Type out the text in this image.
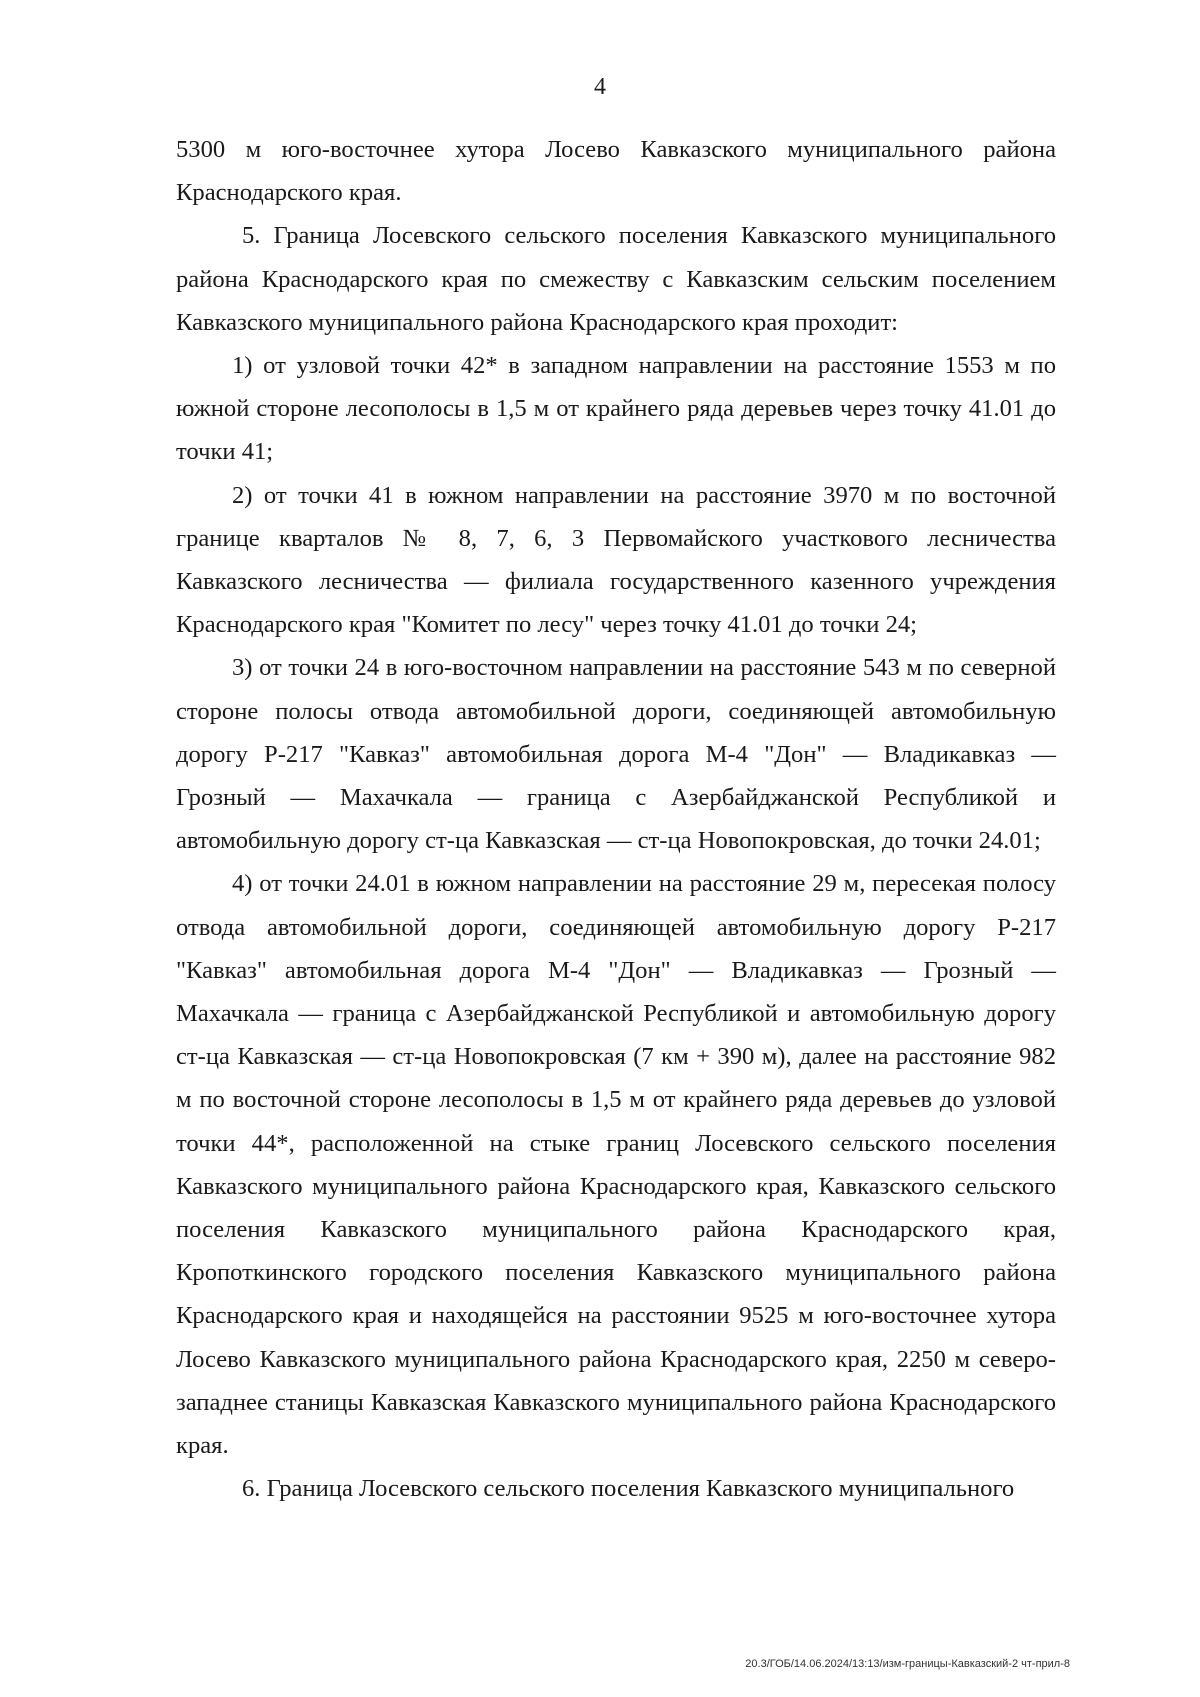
4

5300 м юго-восточнее хутора Лосево Кавказского муниципального района Краснодарского края.

5. Граница Лосевского сельского поселения Кавказского муниципального района Краснодарского края по смежеству с Кавказским сельским поселением Кавказского муниципального района Краснодарского края проходит:

1) от узловой точки 42* в западном направлении на расстояние 1553 м по южной стороне лесополосы в 1,5 м от крайнего ряда деревьев через точку 41.01 до точки 41;

2) от точки 41 в южном направлении на расстояние 3970 м по восточной границе кварталов № 8, 7, 6, 3 Первомайского участкового лесничества Кавказского лесничества — филиала государственного казенного учреждения Краснодарского края "Комитет по лесу" через точку 41.01 до точки 24;

3) от точки 24 в юго-восточном направлении на расстояние 543 м по северной стороне полосы отвода автомобильной дороги, соединяющей автомобильную дорогу Р-217 "Кавказ" автомобильная дорога М-4 "Дон" — Владикавказ — Грозный — Махачкала — граница с Азербайджанской Республикой и автомобильную дорогу ст-ца Кавказская — ст-ца Новопокровская, до точки 24.01;

4) от точки 24.01 в южном направлении на расстояние 29 м, пересекая полосу отвода автомобильной дороги, соединяющей автомобильную дорогу Р-217 "Кавказ" автомобильная дорога М-4 "Дон" — Владикавказ — Грозный — Махачкала — граница с Азербайджанской Республикой и автомобильную дорогу ст-ца Кавказская — ст-ца Новопокровская (7 км + 390 м), далее на расстояние 982 м по восточной стороне лесополосы в 1,5 м от крайнего ряда деревьев до узловой точки 44*, расположенной на стыке границ Лосевского сельского поселения Кавказского муниципального района Краснодарского края, Кавказского сельского поселения Кавказского муниципального района Краснодарского края, Кропоткинского городского поселения Кавказского муниципального района Краснодарского края и находящейся на расстоянии 9525 м юго-восточнее хутора Лосево Кавказского муниципального района Краснодарского края, 2250 м северо-западнее станицы Кавказская Кавказского муниципального района Краснодарского края.

6. Граница Лосевского сельского поселения Кавказского муниципального

20.3/ГОБ/14.06.2024/13:13/изм-границы-Кавказский-2 чт-прил-8
